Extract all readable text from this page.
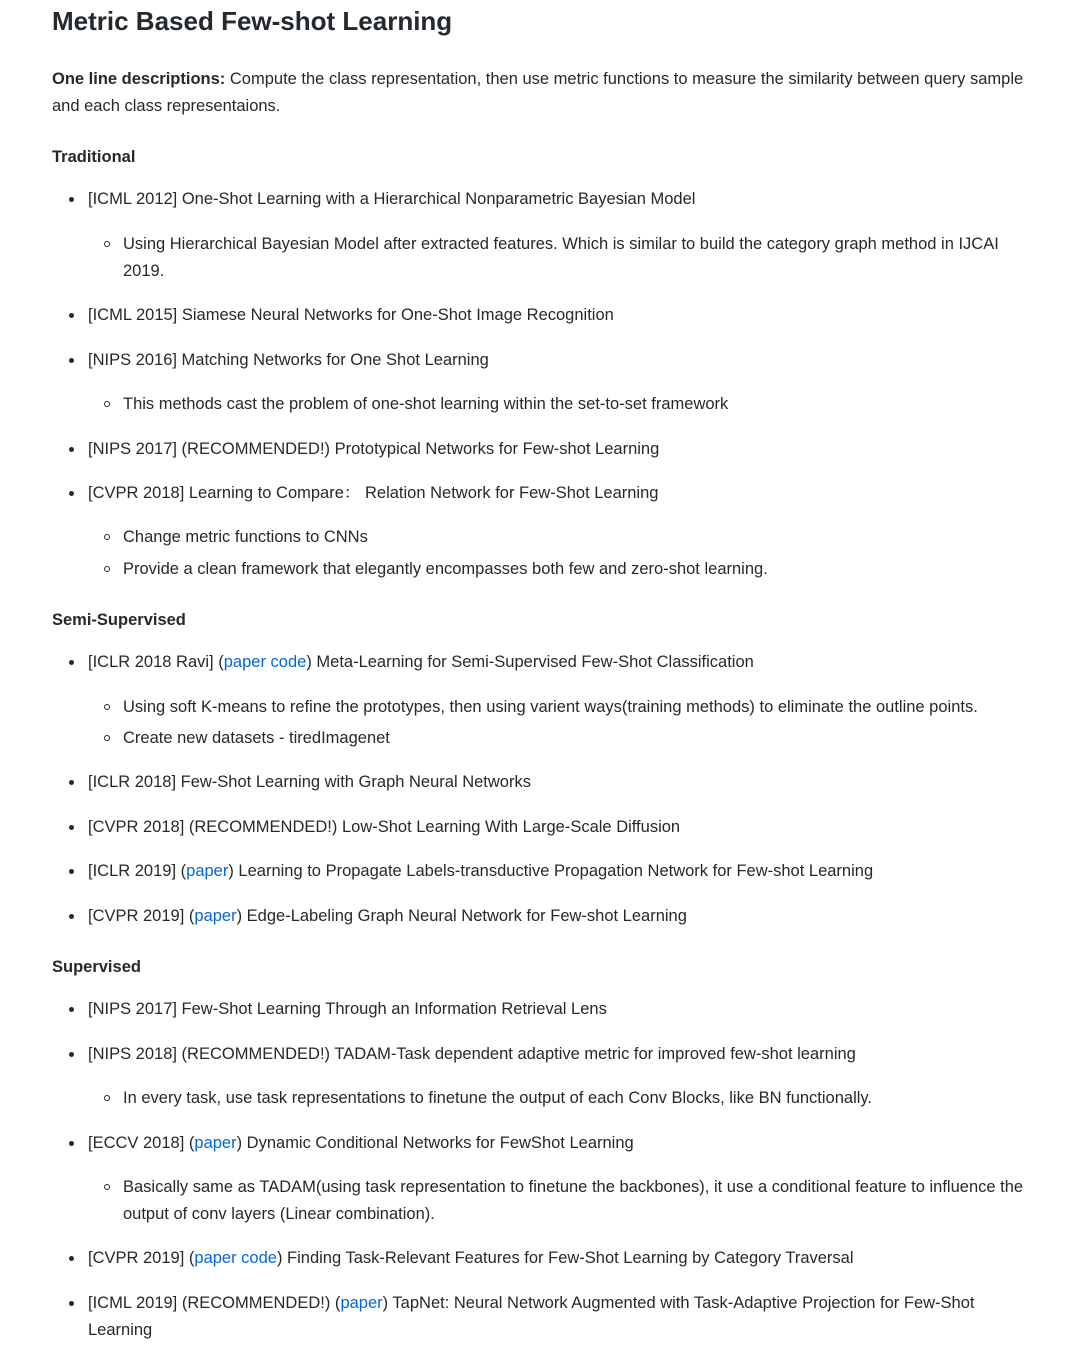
Metric Based Few-shot Learning

One line descriptions: Compute the class representation, then use metric functions to measure the similarity between query sample and each class representaions.

Traditional
[ICML 2012] One-Shot Learning with a Hierarchical Nonparametric Bayesian Model
Using Hierarchical Bayesian Model after extracted features. Which is similar to build the category graph method in IJCAI 2019.
[ICML 2015] Siamese Neural Networks for One-Shot Image Recognition
[NIPS 2016] Matching Networks for One Shot Learning
This methods cast the problem of one-shot learning within the set-to-set framework
[NIPS 2017] (RECOMMENDED!) Prototypical Networks for Few-shot Learning
[CVPR 2018] Learning to Compare： Relation Network for Few-Shot Learning
Change metric functions to CNNs
Provide a clean framework that elegantly encompasses both few and zero-shot learning.
Semi-Supervised
[ICLR 2018 Ravi] (paper code) Meta-Learning for Semi-Supervised Few-Shot Classification
Using soft K-means to refine the prototypes, then using varient ways(training methods) to eliminate the outline points.
Create new datasets - tiredImagenet
[ICLR 2018] Few-Shot Learning with Graph Neural Networks
[CVPR 2018] (RECOMMENDED!) Low-Shot Learning With Large-Scale Diffusion
[ICLR 2019] (paper) Learning to Propagate Labels-transductive Propagation Network for Few-shot Learning
[CVPR 2019] (paper) Edge-Labeling Graph Neural Network for Few-shot Learning
Supervised
[NIPS 2017] Few-Shot Learning Through an Information Retrieval Lens
[NIPS 2018] (RECOMMENDED!) TADAM-Task dependent adaptive metric for improved few-shot learning
In every task, use task representations to finetune the output of each Conv Blocks, like BN functionally.
[ECCV 2018] (paper) Dynamic Conditional Networks for FewShot Learning
Basically same as TADAM(using task representation to finetune the backbones), it use a conditional feature to influence the output of conv layers (Linear combination).
[CVPR 2019] (paper code) Finding Task-Relevant Features for Few-Shot Learning by Category Traversal
[ICML 2019] (RECOMMENDED!) (paper) TapNet: Neural Network Augmented with Task-Adaptive Projection for Few-Shot Learning
